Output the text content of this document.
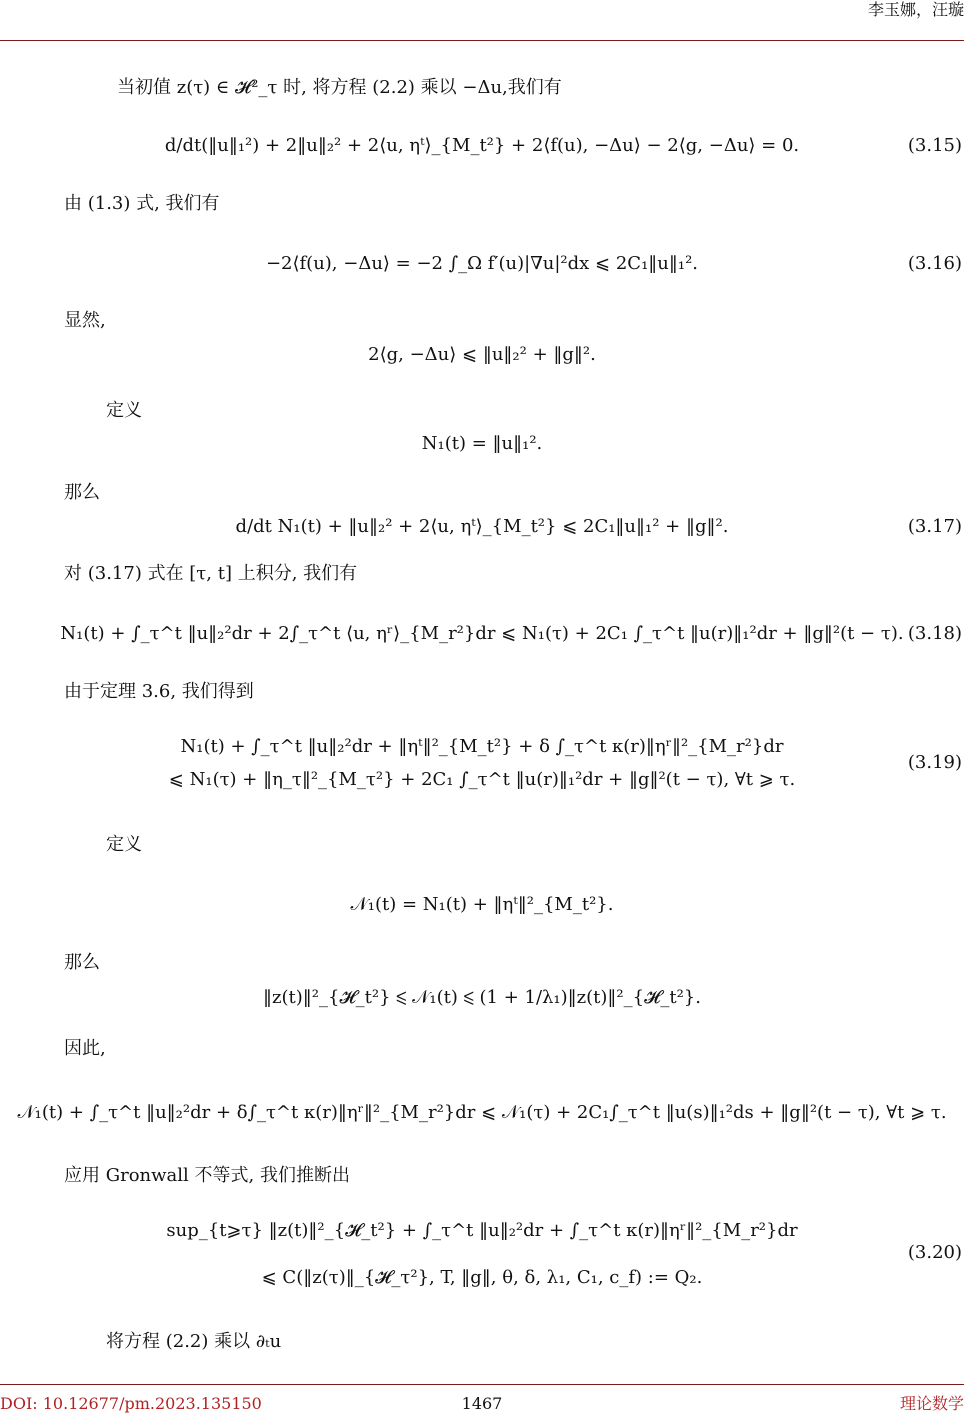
李玉娜，汪璇
当初值 z(τ) ∈ 𝓗²_τ 时, 将方程 (2.2) 乘以 −Δu,我们有
d/dt(‖u‖₁²) + 2‖u‖₂² + 2⟨u, ηᵗ⟩_{M_t²} + 2⟨f(u), −Δu⟩ − 2⟨g, −Δu⟩ = 0.	(3.15)
由 (1.3) 式, 我们有
−2⟨f(u), −Δu⟩ = −2 ∫_Ω f′(u)|∇u|²dx ⩽ 2C₁‖u‖₁².	(3.16)
显然,
2⟨g, −Δu⟩ ⩽ ‖u‖₂² + ‖g‖².
定义
N₁(t) = ‖u‖₁².
那么
d/dt N₁(t) + ‖u‖₂² + 2⟨u, ηᵗ⟩_{M_t²} ⩽ 2C₁‖u‖₁² + ‖g‖².	(3.17)
对 (3.17) 式在 [τ, t] 上积分, 我们有
N₁(t) + ∫_τ^t ‖u‖₂²dr + 2∫_τ^t ⟨u, ηʳ⟩_{M_r²}dr ⩽ N₁(τ) + 2C₁ ∫_τ^t ‖u(r)‖₁²dr + ‖g‖²(t − τ). (3.18)
由于定理 3.6, 我们得到
N₁(t) + ∫_τ^t ‖u‖₂²dr + ‖ηᵗ‖²_{M_t²} + δ ∫_τ^t κ(r)‖ηʳ‖²_{M_r²}dr
⩽ N₁(τ) + ‖η_τ‖²_{M_τ²} + 2C₁ ∫_τ^t ‖u(r)‖₁²dr + ‖g‖²(t − τ), ∀t ⩾ τ.
(3.19)
定义
𝒩₁(t) = N₁(t) + ‖ηᵗ‖²_{M_t²}.
那么
‖z(t)‖²_{𝓗_t²} ⩽ 𝒩₁(t) ⩽ (1 + 1/λ₁)‖z(t)‖²_{𝓗_t²}.
因此,
𝒩₁(t) + ∫_τ^t ‖u‖₂²dr + δ∫_τ^t κ(r)‖ηʳ‖²_{M_r²}dr ⩽ 𝒩₁(τ) + 2C₁∫_τ^t ‖u(s)‖₁²ds + ‖g‖²(t − τ), ∀t ⩾ τ.
应用 Gronwall 不等式, 我们推断出
sup_{t⩾τ} ‖z(t)‖²_{𝓗_t²} + ∫_τ^t ‖u‖₂²dr + ∫_τ^t κ(r)‖ηʳ‖²_{M_r²}dr
⩽ C(‖z(τ)‖_{𝓗_τ²}, T, ‖g‖, θ, δ, λ₁, C₁, c_f) := Q₂.
(3.20)
将方程 (2.2) 乘以 ∂ₜu
DOI: 10.12677/pm.2023.135150	1467	理论数学
